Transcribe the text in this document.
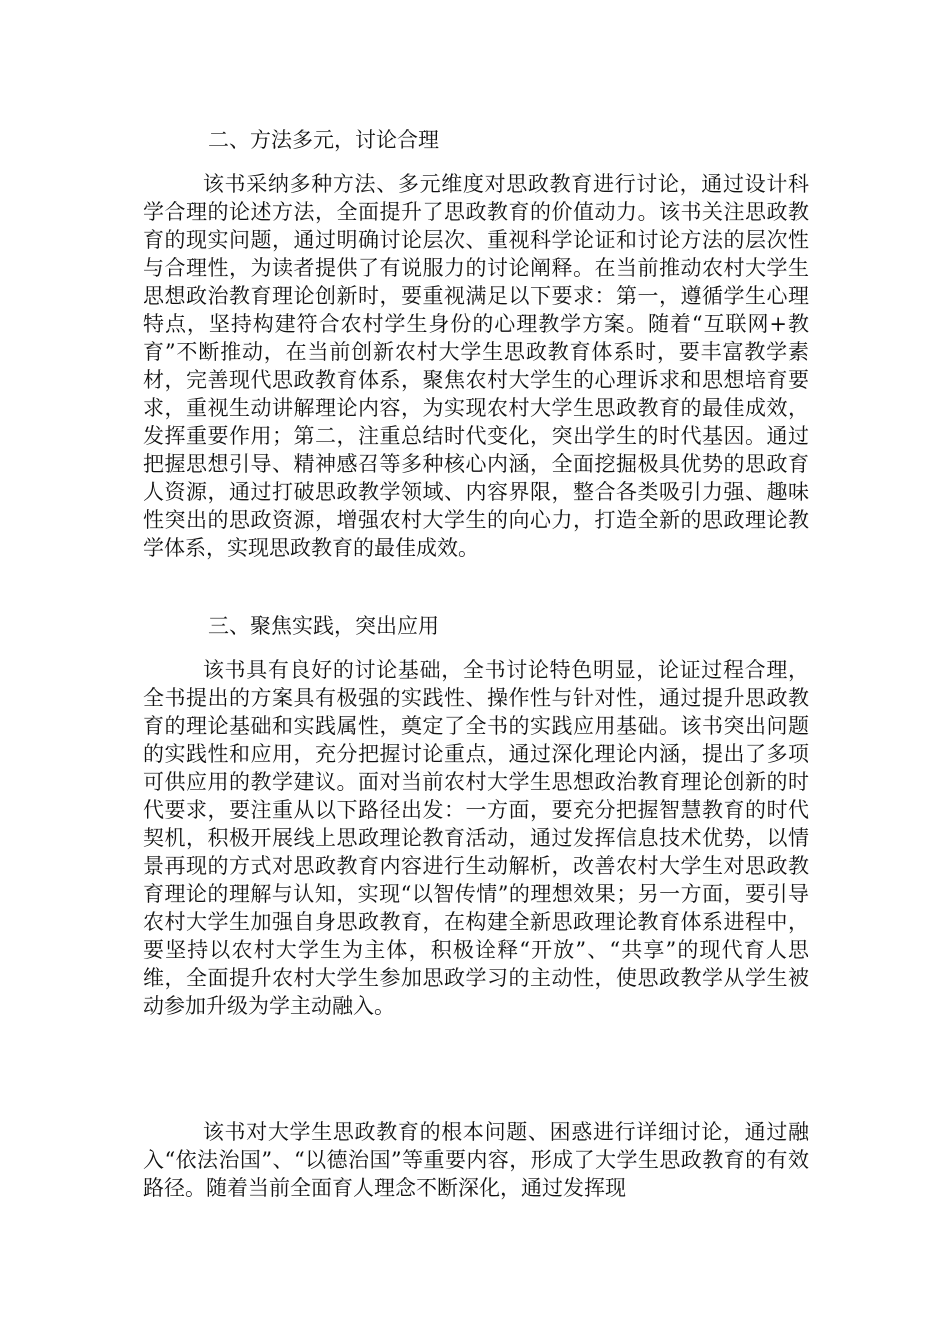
二、方法多元，讨论合理

该书采纳多种方法、多元维度对思政教育进行讨论，通过设计科学合理的论述方法，全面提升了思政教育的价值动力。该书关注思政教育的现实问题，通过明确讨论层次、重视科学论证和讨论方法的层次性与合理性，为读者提供了有说服力的讨论阐释。在当前推动农村大学生思想政治教育理论创新时，要重视满足以下要求：第一，遵循学生心理特点，坚持构建符合农村学生身份的心理教学方案。随着“互联网+教育”不断推动，在当前创新农村大学生思政教育体系时，要丰富教学素材，完善现代思政教育体系，聚焦农村大学生的心理诉求和思想培育要求，重视生动讲解理论内容，为实现农村大学生思政教育的最佳成效，发挥重要作用；第二，注重总结时代变化，突出学生的时代基因。通过把握思想引导、精神感召等多种核心内涵，全面挖掘极具优势的思政育人资源，通过打破思政教学领域、内容界限，整合各类吸引力强、趣味性突出的思政资源，增强农村大学生的向心力，打造全新的思政理论教学体系，实现思政教育的最佳成效。

三、聚焦实践，突出应用

该书具有良好的讨论基础，全书讨论特色明显，论证过程合理，全书提出的方案具有极强的实践性、操作性与针对性，通过提升思政教育的理论基础和实践属性，奠定了全书的实践应用基础。该书突出问题的实践性和应用，充分把握讨论重点，通过深化理论内涵，提出了多项可供应用的教学建议。面对当前农村大学生思想政治教育理论创新的时代要求，要注重从以下路径出发：一方面，要充分把握智慧教育的时代契机，积极开展线上思政理论教育活动，通过发挥信息技术优势，以情景再现的方式对思政教育内容进行生动解析，改善农村大学生对思政教育理论的理解与认知，实现“以智传情”的理想效果；另一方面，要引导农村大学生加强自身思政教育，在构建全新思政理论教育体系进程中，要坚持以农村大学生为主体，积极诠释“开放”、“共享”的现代育人思维，全面提升农村大学生参加思政学习的主动性，使思政教学从学生被动参加升级为学主动融入。

该书对大学生思政教育的根本问题、困惑进行详细讨论，通过融入“依法治国”、“以德治国”等重要内容，形成了大学生思政教育的有效路径。随着当前全面育人理念不断深化，通过发挥现
